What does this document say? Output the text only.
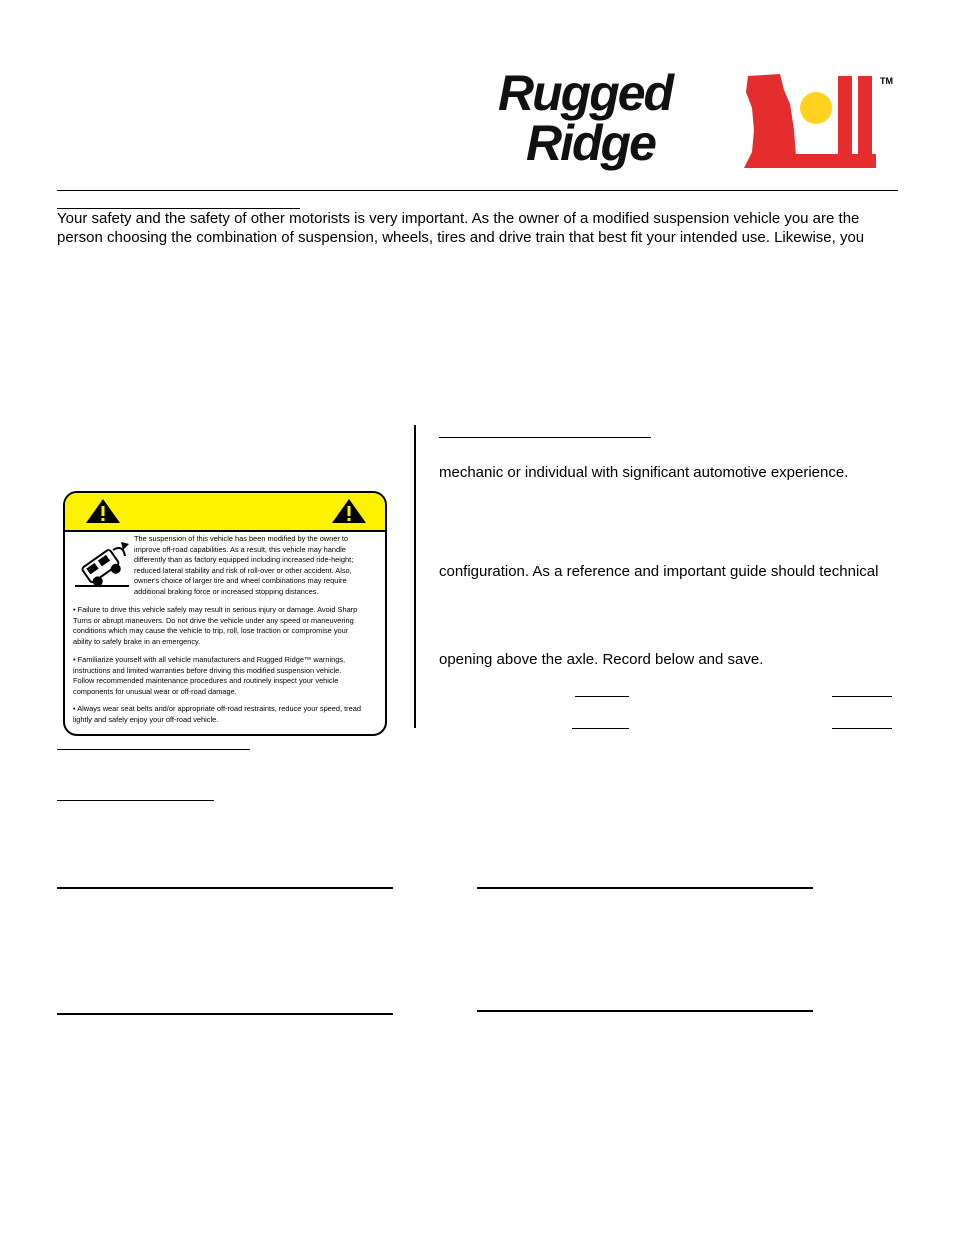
Rugged
Ridge
TM
Your safety and the safety of other motorists is very important. As the owner of a modified suspension vehicle you are the
person choosing the combination of suspension, wheels, tires and drive train that best fit your intended use. Likewise, you
The suspension of this vehicle has been modified by the owner to improve off-road capabilities. As a result, this vehicle may handle differently than as factory equipped including increased ride-height; reduced lateral stability and risk of roll-over or other accident. Also, owner's choice of larger tire and wheel combinations may require additional braking force or increased stopping distances.
• Failure to drive this vehicle safely may result in serious injury or damage. Avoid Sharp Turns or abrupt maneuvers. Do not drive the vehicle under any speed or maneuvering conditions which may cause the vehicle to trip, roll, lose traction or compromise your ability to safely brake in an emergency.
• Familiarize yourself with all vehicle manufacturers and Rugged Ridge™ warnings, instructions and limited warranties before driving this modified suspension vehicle. Follow recommended maintenance procedures and routinely inspect your vehicle components for unusual wear or off-road damage.
• Always wear seat belts and/or appropriate off-road restraints, reduce your speed, tread lightly and safely enjoy your off-road vehicle.
mechanic or individual with significant automotive experience.
configuration. As a reference and important guide should technical
opening above the axle. Record below and save.
